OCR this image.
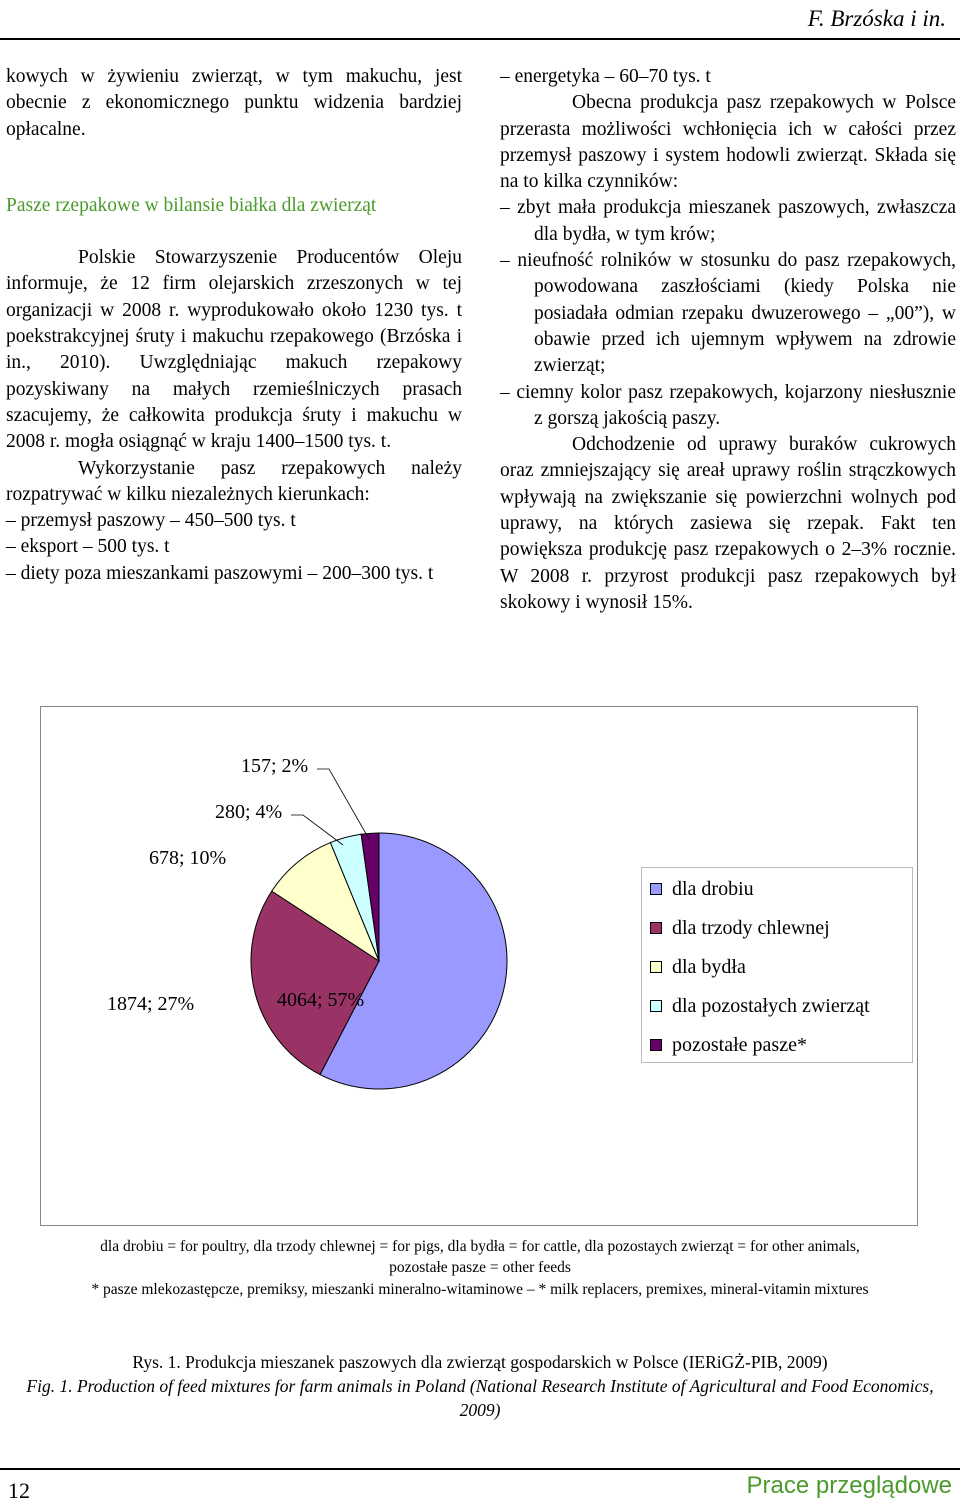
F. Brzóska i in.

kowych w żywieniu zwierząt, w tym makuchu, jest obecnie z ekonomicznego punktu widzenia bardziej opłacalne.

Pasze rzepakowe w bilansie białka dla zwierząt

Polskie Stowarzyszenie Producentów Oleju informuje, że 12 firm olejarskich zrzeszonych w tej organizacji w 2008 r. wyprodukowało około 1230 tys. t poekstrakcyjnej śruty i makuchu rzepakowego (Brzóska i in., 2010). Uwzględniając makuch rzepakowy pozyskiwany na małych rzemieślniczych prasach szacujemy, że całkowita produkcja śruty i makuchu w 2008 r. mogła osiągnąć w kraju 1400–1500 tys. t.

Wykorzystanie pasz rzepakowych należy rozpatrywać w kilku niezależnych kierunkach:

– przemysł paszowy – 450–500 tys. t

– eksport – 500 tys. t

– diety poza mieszankami paszowymi – 200–300 tys. t

– energetyka – 60–70 tys. t

Obecna produkcja pasz rzepakowych w Polsce przerasta możliwości wchłonięcia ich w całości przez przemysł paszowy i system hodowli zwierząt. Składa się na to kilka czynników:

– zbyt mała produkcja mieszanek paszowych, zwłaszcza dla bydła, w tym krów;

– nieufność rolników w stosunku do pasz rzepakowych, powodowana zaszłościami (kiedy Polska nie posiadała odmian rzepaku dwuzerowego – „00”), w obawie przed ich ujemnym wpływem na zdrowie zwierząt;

– ciemny kolor pasz rzepakowych, kojarzony niesłusznie z gorszą jakością paszy.

Odchodzenie od uprawy buraków cukrowych oraz zmniejszający się areał uprawy roślin strączkowych wpływają na zwiększanie się powierzchni wolnych pod uprawy, na których zasiewa się rzepak. Fakt ten powiększa produkcję pasz rzepakowych o 2–3% rocznie. W 2008 r. przyrost produkcji pasz rzepakowych był skokowy i wynosił 15%.

4064; 57%
1874; 27%
678; 10%
280; 4%
157; 2%
dla drobiu
dla trzody chlewnej
dla bydła
dla pozostałych zwierząt
pozostałe pasze*
dla drobiu = for poultry, dla trzody chlewnej = for pigs, dla bydła = for cattle, dla pozostaych zwierząt = for other animals,
pozostałe pasze = other feeds
* pasze mlekozastępcze, premiksy, mieszanki mineralno-witaminowe – * milk replacers, premixes, mineral-vitamin mixtures
Rys. 1. Produkcja mieszanek paszowych dla zwierząt gospodarskich w Polsce (IERiGŻ-PIB, 2009)
Fig. 1. Production of feed mixtures for farm animals in Poland (National Research Institute of Agricultural and Food Economics, 2009)
12	Prace przeglądowe
